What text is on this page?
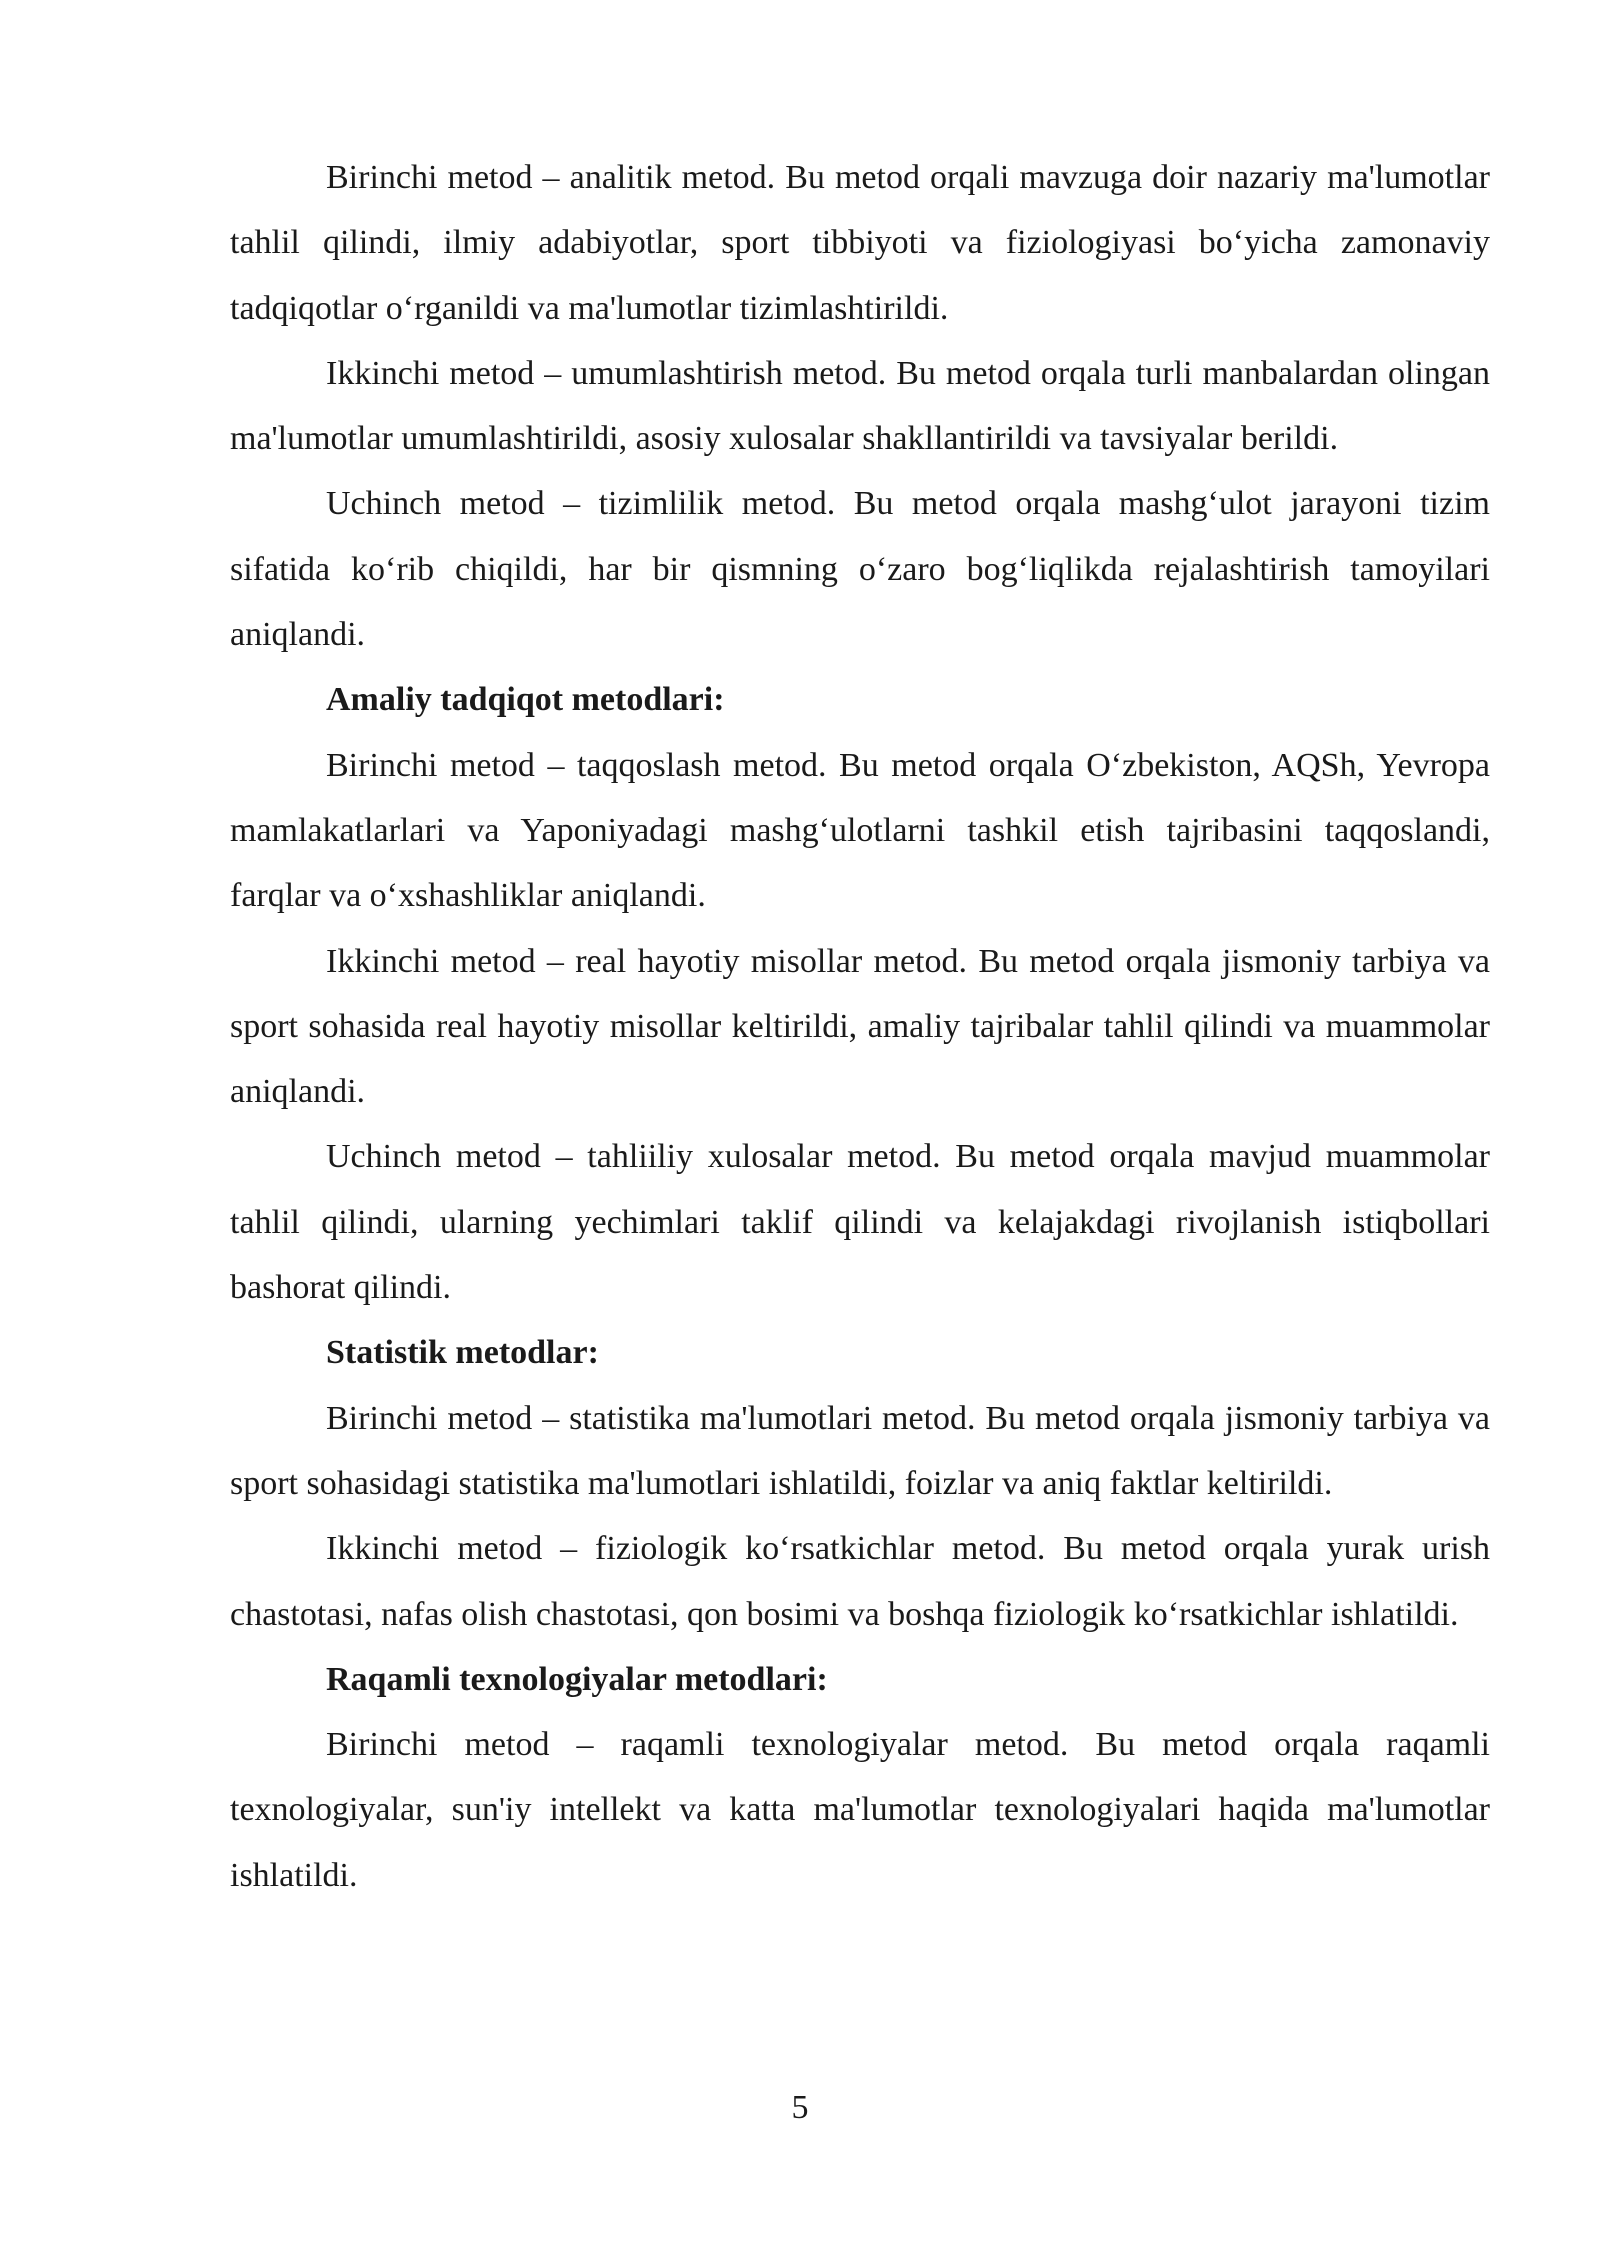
Birinchi metod – analitik metod. Bu metod orqali mavzuga doir nazariy ma'lumotlar tahlil qilindi, ilmiy adabiyotlar, sport tibbiyoti va fiziologiyasi bo‘yicha zamonaviy tadqiqotlar o‘rganildi va ma'lumotlar tizimlashtirildi.

Ikkinchi metod – umumlashtirish metod. Bu metod orqala turli manbalardan olingan ma'lumotlar umumlashtirildi, asosiy xulosalar shakllantirildi va tavsiyalar berildi.

Uchinch metod – tizimlilik metod. Bu metod orqala mashg‘ulot jarayoni tizim sifatida ko‘rib chiqildi, har bir qismning o‘zaro bog‘liqlikda rejalashtirish tamoyilari aniqlandi.

Amaliy tadqiqot metodlari:

Birinchi metod – taqqoslash metod. Bu metod orqala O‘zbekiston, AQSh, Yevropa mamlakatlarlari va Yaponiyadagi mashg‘ulotlarni tashkil etish tajribasini taqqoslandi, farqlar va o‘xshashliklar aniqlandi.

Ikkinchi metod – real hayotiy misollar metod. Bu metod orqala jismoniy tarbiya va sport sohasida real hayotiy misollar keltirildi, amaliy tajribalar tahlil qilindi va muammolar aniqlandi.

Uchinch metod – tahliiliy xulosalar metod. Bu metod orqala mavjud muammolar tahlil qilindi, ularning yechimlari taklif qilindi va kelajakdagi rivojlanish istiqbollari bashorat qilindi.

Statistik metodlar:

Birinchi metod – statistika ma'lumotlari metod. Bu metod orqala jismoniy tarbiya va sport sohasidagi statistika ma'lumotlari ishlatildi, foizlar va aniq faktlar keltirildi.

Ikkinchi metod – fiziologik ko‘rsatkichlar metod. Bu metod orqala yurak urish chastotasi, nafas olish chastotasi, qon bosimi va boshqa fiziologik ko‘rsatkichlar ishlatildi.

Raqamli texnologiyalar metodlari:

Birinchi metod – raqamli texnologiyalar metod. Bu metod orqala raqamli texnologiyalar, sun'iy intellekt va katta ma'lumotlar texnologiyalari haqida ma'lumotlar ishlatildi.

5
